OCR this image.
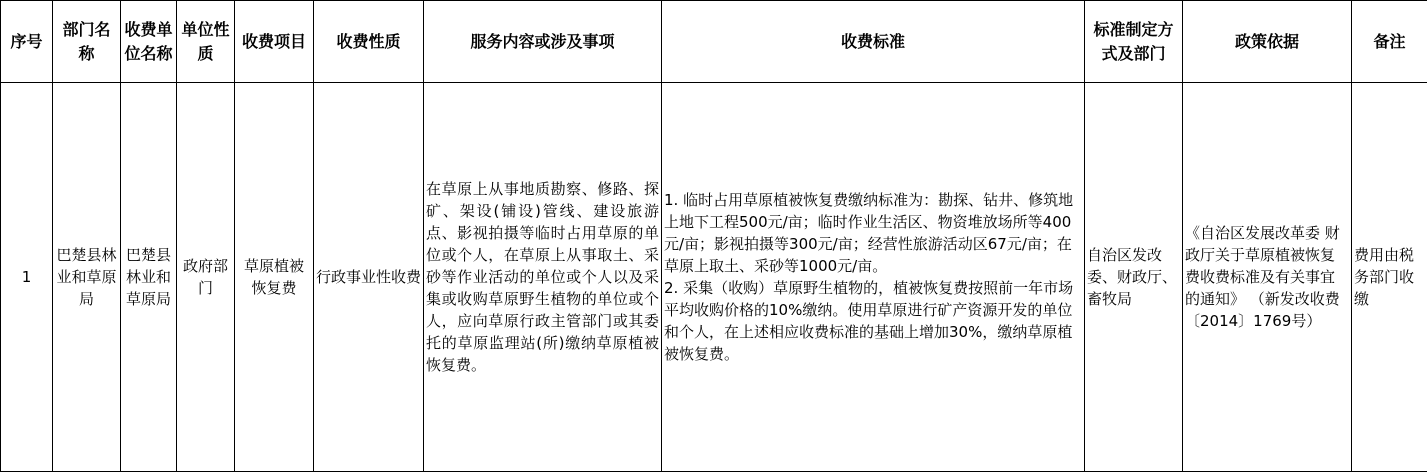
序号	部门名称	收费单位名称	单位性质	收费项目	收费性质	服务内容或涉及事项	收费标准	标准制定方式及部门	政策依据	备注
1	巴楚县林业和草原局	巴楚县林业和草原局	政府部门	草原植被恢复费	行政事业性收费	在草原上从事地质勘察、修路、探矿、架设(铺设)管线、建设旅游点、影视拍摄等临时占用草原的单位或个人，在草原上从事取土、采砂等作业活动的单位或个人以及采集或收购草原野生植物的单位或个人，应向草原行政主管部门或其委托的草原监理站(所)缴纳草原植被恢复费。	1. 临时占用草原植被恢复费缴纳标准为：勘探、钻井、修筑地上地下工程500元/亩；临时作业生活区、物资堆放场所等400元/亩；影视拍摄等300元/亩；经营性旅游活动区67元/亩；在草原上取土、采砂等1000元/亩。
2. 采集（收购）草原野生植物的，植被恢复费按照前一年市场平均收购价格的10%缴纳。使用草原进行矿产资源开发的单位和个人，在上述相应收费标准的基础上增加30%，缴纳草原植被恢复费。	自治区发改委、财政厅、畜牧局	《自治区发展改革委 财政厅关于草原植被恢复费收费标准及有关事宜的通知》 （新发改收费〔2014〕1769号）	费用由税务部门收缴
